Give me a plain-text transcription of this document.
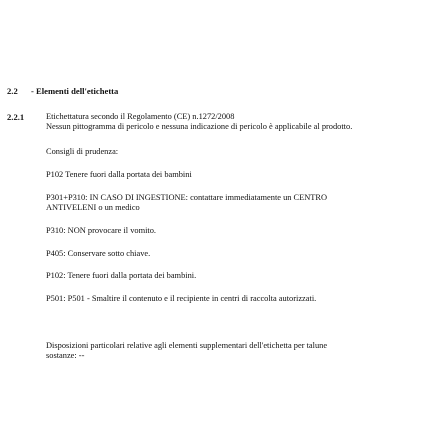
2.2 - Elementi dell'etichetta
2.2.1	Etichettatura secondo il Regolamento (CE) n.1272/2008

Nessun pittogramma di pericolo e nessuna indicazione di pericolo è applicabile al prodotto.

Consigli di prudenza:

P102 Tenere fuori dalla portata dei bambini

P301+P310: IN CASO DI INGESTIONE: contattare immediatamente un CENTRO

ANTIVELENI o un medico

P310: NON provocare il vomito.

P405: Conservare sotto chiave.

P102: Tenere fuori dalla portata dei bambini.

P501: P501 - Smaltire il contenuto e il recipiente in centri di raccolta autorizzati.

Disposizioni particolari relative agli elementi supplementari dell'etichetta per talune

sostanze: --
